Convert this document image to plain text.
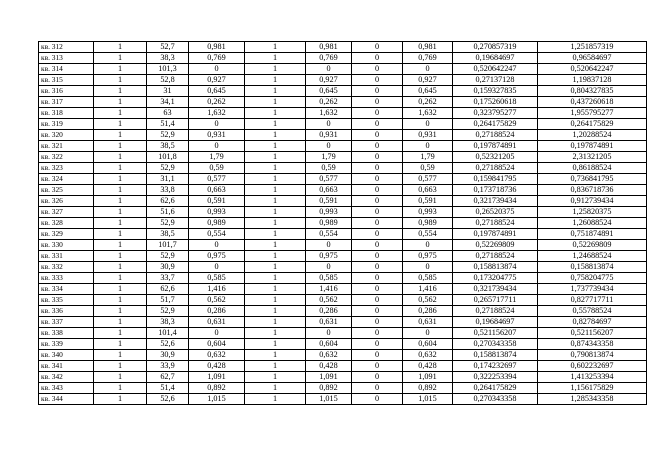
кв. 312	1	52,7	0,981	1	0,981	0	0,981	0,270857319	1,251857319
кв. 313	1	38,3	0,769	1	0,769	0	0,769	0,19684697	0,96584697
кв. 314	1	101,3	0	1	0	0	0	0,520642247	0,520642247
кв. 315	1	52,8	0,927	1	0,927	0	0,927	0,27137128	1,19837128
кв. 316	1	31	0,645	1	0,645	0	0,645	0,159327835	0,804327835
кв. 317	1	34,1	0,262	1	0,262	0	0,262	0,175260618	0,437260618
кв. 318	1	63	1,632	1	1,632	0	1,632	0,323795277	1,955795277
кв. 319	1	51,4	0	1	0	0	0	0,264175829	0,264175829
кв. 320	1	52,9	0,931	1	0,931	0	0,931	0,27188524	1,20288524
кв. 321	1	38,5	0	1	0	0	0	0,197874891	0,197874891
кв. 322	1	101,8	1,79	1	1,79	0	1,79	0,52321205	2,31321205
кв. 323	1	52,9	0,59	1	0,59	0	0,59	0,27188524	0,86188524
кв. 324	1	31,1	0,577	1	0,577	0	0,577	0,159841795	0,736841795
кв. 325	1	33,8	0,663	1	0,663	0	0,663	0,173718736	0,836718736
кв. 326	1	62,6	0,591	1	0,591	0	0,591	0,321739434	0,912739434
кв. 327	1	51,6	0,993	1	0,993	0	0,993	0,26520375	1,25820375
кв. 328	1	52,9	0,989	1	0,989	0	0,989	0,27188524	1,26088524
кв. 329	1	38,5	0,554	1	0,554	0	0,554	0,197874891	0,751874891
кв. 330	1	101,7	0	1	0	0	0	0,52269809	0,52269809
кв. 331	1	52,9	0,975	1	0,975	0	0,975	0,27188524	1,24688524
кв. 332	1	30,9	0	1	0	0	0	0,158813874	0,158813874
кв. 333	1	33,7	0,585	1	0,585	0	0,585	0,173204775	0,758204775
кв. 334	1	62,6	1,416	1	1,416	0	1,416	0,321739434	1,737739434
кв. 335	1	51,7	0,562	1	0,562	0	0,562	0,265717711	0,827717711
кв. 336	1	52,9	0,286	1	0,286	0	0,286	0,27188524	0,55788524
кв. 337	1	38,3	0,631	1	0,631	0	0,631	0,19684697	0,82784697
кв. 338	1	101,4	0	1	0	0	0	0,521156207	0,521156207
кв. 339	1	52,6	0,604	1	0,604	0	0,604	0,270343358	0,874343358
кв. 340	1	30,9	0,632	1	0,632	0	0,632	0,158813874	0,790813874
кв. 341	1	33,9	0,428	1	0,428	0	0,428	0,174232697	0,602232697
кв. 342	1	62,7	1,091	1	1,091	0	1,091	0,322253394	1,413253394
кв. 343	1	51,4	0,892	1	0,892	0	0,892	0,264175829	1,156175829
кв. 344	1	52,6	1,015	1	1,015	0	1,015	0,270343358	1,285343358
